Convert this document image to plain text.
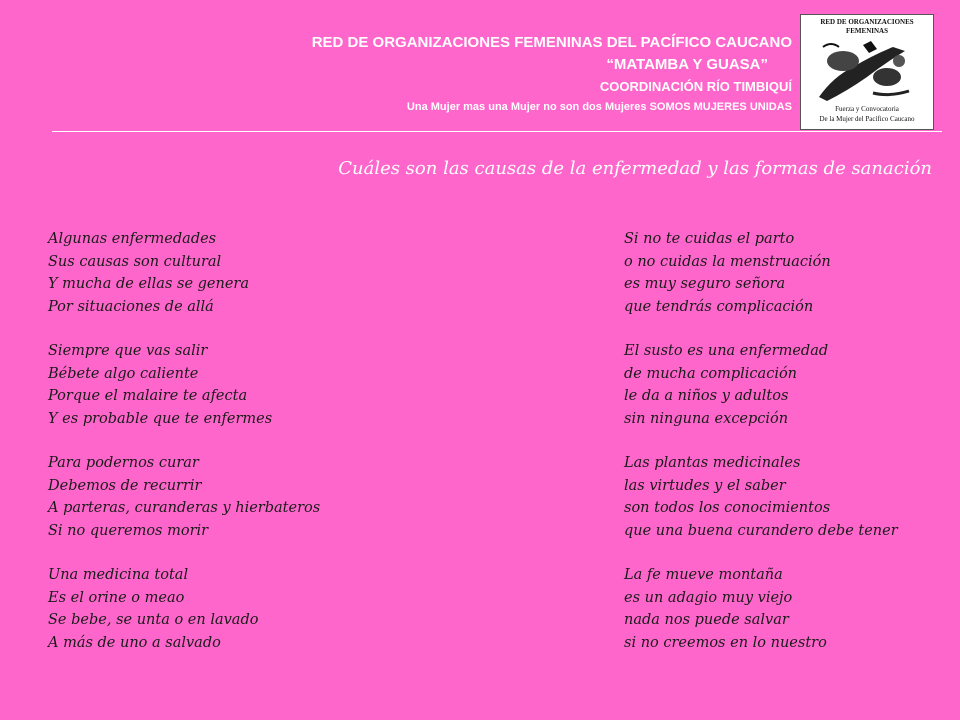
RED DE ORGANIZACIONES FEMENINAS DEL PACÍFICO CAUCANO
“MATAMBA Y GUASA”
COORDINACIÓN RÍO TIMBIQUÍ
Una Mujer mas una Mujer no son dos Mujeres SOMOS MUJERES UNIDAS
RED DE ORGANIZACIONES FEMENINAS
Fuerza y Convocatoria
De la Mujer del Pacífico Caucano
Cuáles son las causas de la enfermedad y las formas de sanación
Algunas enfermedades
Sus causas son cultural
Y mucha de ellas se genera
Por situaciones de allá
Siempre que vas salir
Bébete algo caliente
Porque el malaire te afecta
Y es probable que te enfermes
Para podernos curar
Debemos de recurrir
A parteras, curanderas y hierbateros
Si no queremos morir
Una medicina total
Es el orine o meao
Se bebe, se unta o en lavado
A más de uno a salvado
Si no te cuidas el parto
o no cuidas la menstruación
es muy seguro señora
que tendrás complicación
El susto es una enfermedad
de mucha complicación
le da a niños y adultos
sin ninguna excepción
Las plantas medicinales
las virtudes y el saber
son todos los conocimientos
que una buena curandero debe tener
La fe mueve montaña
es un adagio muy viejo
nada nos puede salvar
si no creemos en lo nuestro
